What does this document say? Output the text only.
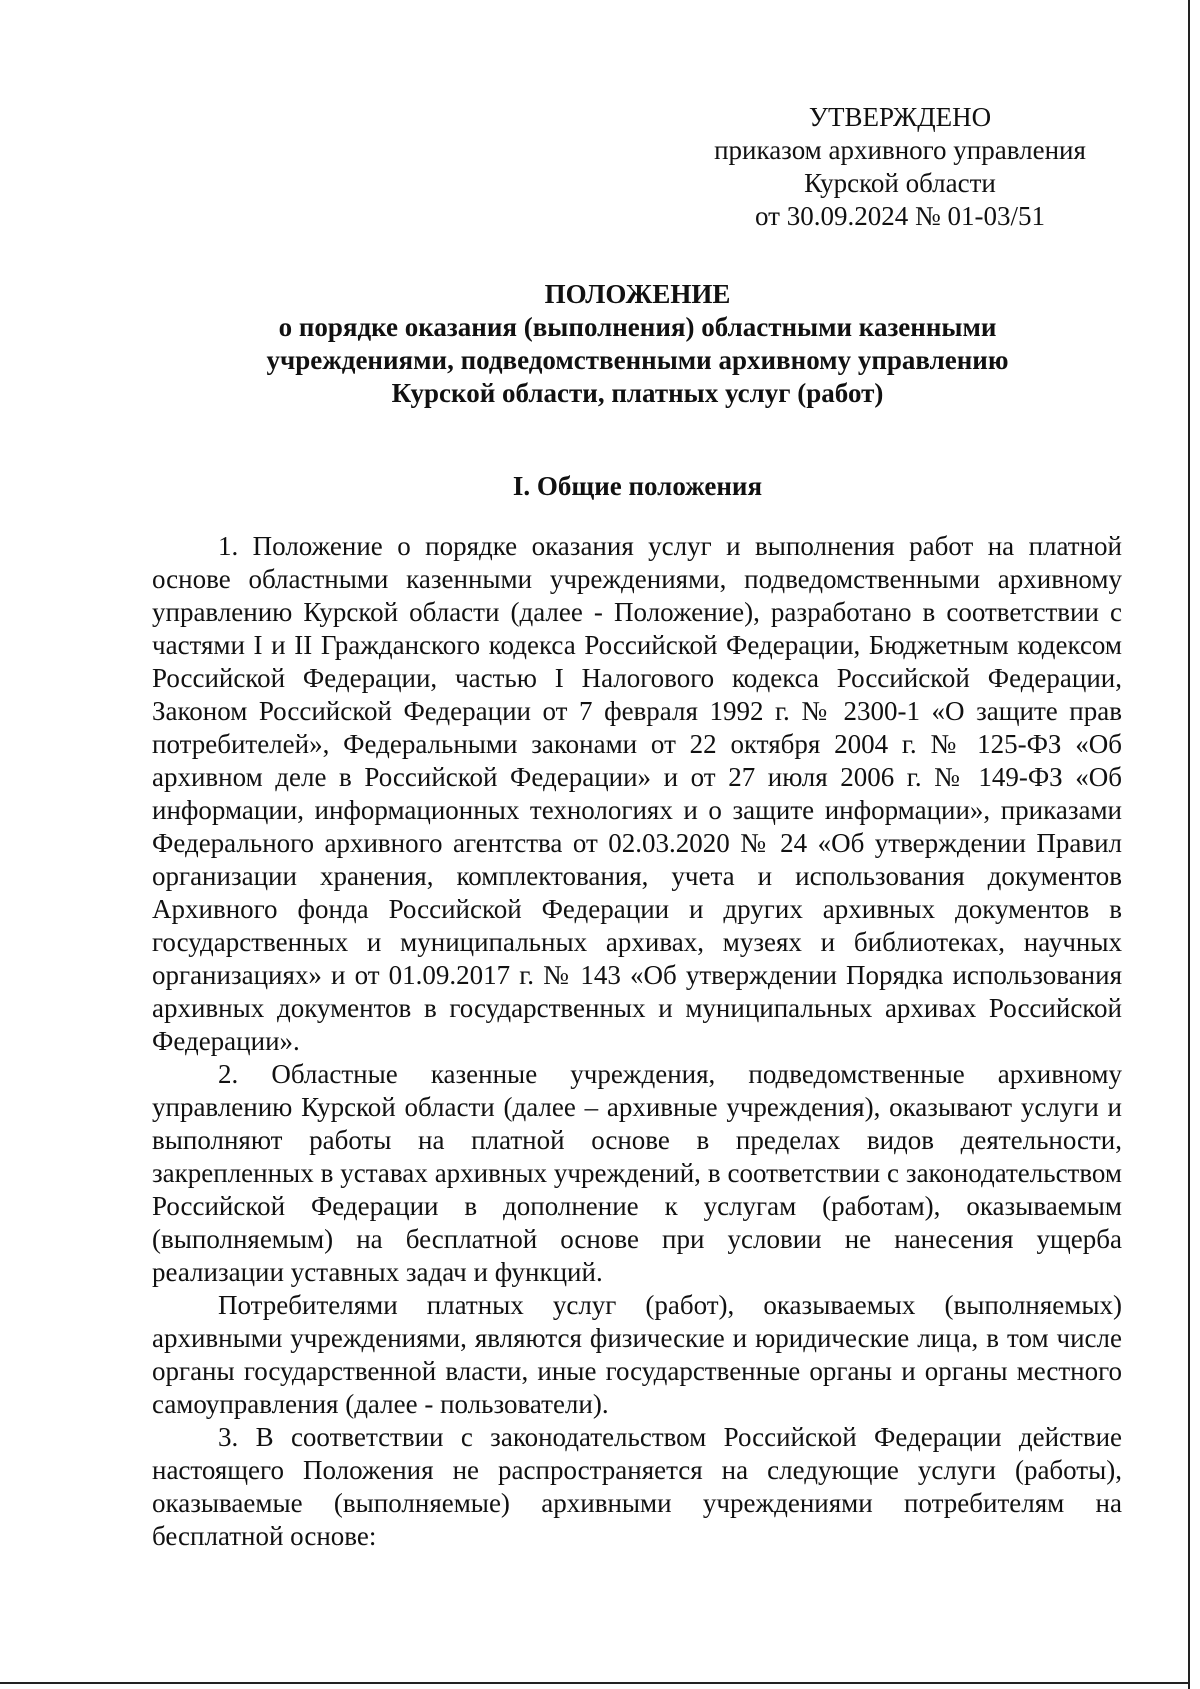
УТВЕРЖДЕНО
приказом архивного управления
Курской области
от 30.09.2024 № 01-03/51
ПОЛОЖЕНИЕ
о порядке оказания (выполнения) областными казенными
учреждениями, подведомственными архивному управлению
Курской области, платных услуг (работ)
I. Общие положения

1. Положение о порядке оказания услуг и выполнения работ на платной основе областными казенными учреждениями, подведомственными архивному управлению Курской области (далее - Положение), разработано в соответствии с частями I и II Гражданского кодекса Российской Федерации, Бюджетным кодексом Российской Федерации, частью I Налогового кодекса Российской Федерации, Законом Российской Федерации от 7 февраля 1992 г. № 2300-1 «О защите прав потребителей», Федеральными законами от 22 октября 2004 г. № 125-ФЗ «Об архивном деле в Российской Федерации» и от 27 июля 2006 г. № 149-ФЗ «Об информации, информационных технологиях и о защите информации», приказами Федерального архивного агентства от 02.03.2020 № 24 «Об утверждении Правил организации хранения, комплектования, учета и использования документов Архивного фонда Российской Федерации и других архивных документов в государственных и муниципальных архивах, музеях и библиотеках, научных организациях» и от 01.09.2017 г. № 143 «Об утверждении Порядка использования архивных документов в государственных и муниципальных архивах Российской Федерации».

2. Областные казенные учреждения, подведомственные архивному управлению Курской области (далее – архивные учреждения), оказывают услуги и выполняют работы на платной основе в пределах видов деятельности, закрепленных в уставах архивных учреждений, в соответствии с законодательством Российской Федерации в дополнение к услугам (работам), оказываемым (выполняемым) на бесплатной основе при условии не нанесения ущерба реализации уставных задач и функций.

Потребителями платных услуг (работ), оказываемых (выполняемых) архивными учреждениями, являются физические и юридические лица, в том числе органы государственной власти, иные государственные органы и органы местного самоуправления (далее - пользователи).

3. В соответствии с законодательством Российской Федерации действие настоящего Положения не распространяется на следующие услуги (работы), оказываемые (выполняемые) архивными учреждениями потребителям на бесплатной основе:
